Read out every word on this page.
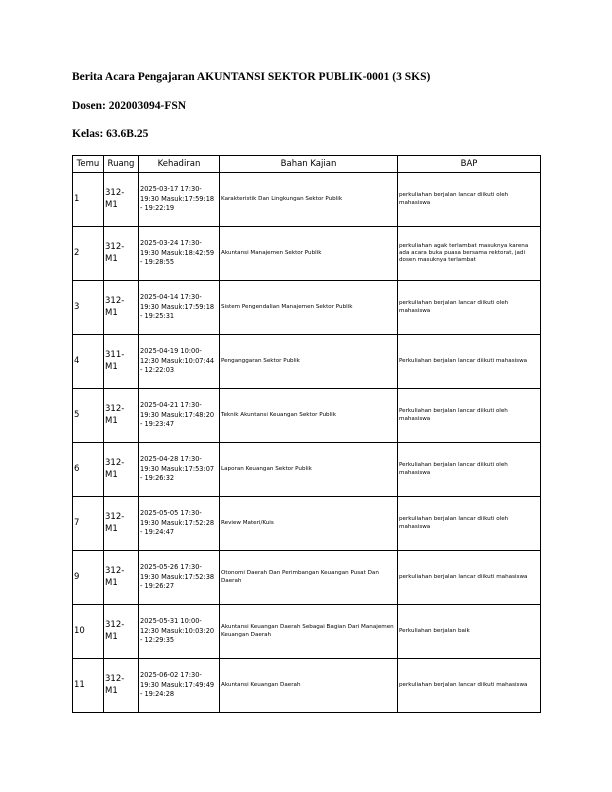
Berita Acara Pengajaran AKUNTANSI SEKTOR PUBLIK-0001 (3 SKS)
Dosen: 202003094-FSN
Kelas: 63.6B.25
Temu	Ruang	Kehadiran	Bahan Kajian	BAP
1	312-M1	2025-03-17 17:30-19:30 Masuk:17:59:18 - 19:22:19	Karakteristik Dan Lingkungan Sektor Publik	perkuliahan berjalan lancar diikuti oleh mahasiswa
2	312-M1	2025-03-24 17:30-19:30 Masuk:18:42:59 - 19:28:55	Akuntansi Manajemen Sektor Publik	perkuliahan agak terlambat masuknya karena ada acara buka puasa bersama rektorat, jadi dosen masuknya terlambat
3	312-M1	2025-04-14 17:30-19:30 Masuk:17:59:18 - 19:25:31	Sistem Pengendalian Manajemen Sektor Publik	perkuliahan berjalan lancar diikuti oleh mahasiswa
4	311-M1	2025-04-19 10:00-12:30 Masuk:10:07:44 - 12:22:03	Penganggaran Sektor Publik	Perkuliahan berjalan lancar diikuti mahasiswa
5	312-M1	2025-04-21 17:30-19:30 Masuk:17:48:20 - 19:23:47	Teknik Akuntansi Keuangan Sektor Publik	Perkuliahan berjalan lancar diikuti oleh mahasiswa
6	312-M1	2025-04-28 17:30-19:30 Masuk:17:53:07 - 19:26:32	Laporan Keuangan Sektor Publik	Perkuliahan berjalan lancar diikuti oleh mahasiswa
7	312-M1	2025-05-05 17:30-19:30 Masuk:17:52:28 - 19:24:47	Review Materi/Kuis	perkuliahan berjalan lancar diikuti oleh mahasiswa
9	312-M1	2025-05-26 17:30-19:30 Masuk:17:52:38 - 19:26:27	Otonomi Daerah Dan Perimbangan Keuangan Pusat Dan Daerah	perkuliahan berjalan lancar diikuti mahasiswa
10	312-M1	2025-05-31 10:00-12:30 Masuk:10:03:20 - 12:29:35	Akuntansi Keuangan Daerah Sebagai Bagian Dari Manajemen Keuangan Daerah	Perkuliahan berjalan baik
11	312-M1	2025-06-02 17:30-19:30 Masuk:17:49:49 - 19:24:28	Akuntansi Keuangan Daerah	perkuliahan berjalan lancar diikuti mahasiswa
